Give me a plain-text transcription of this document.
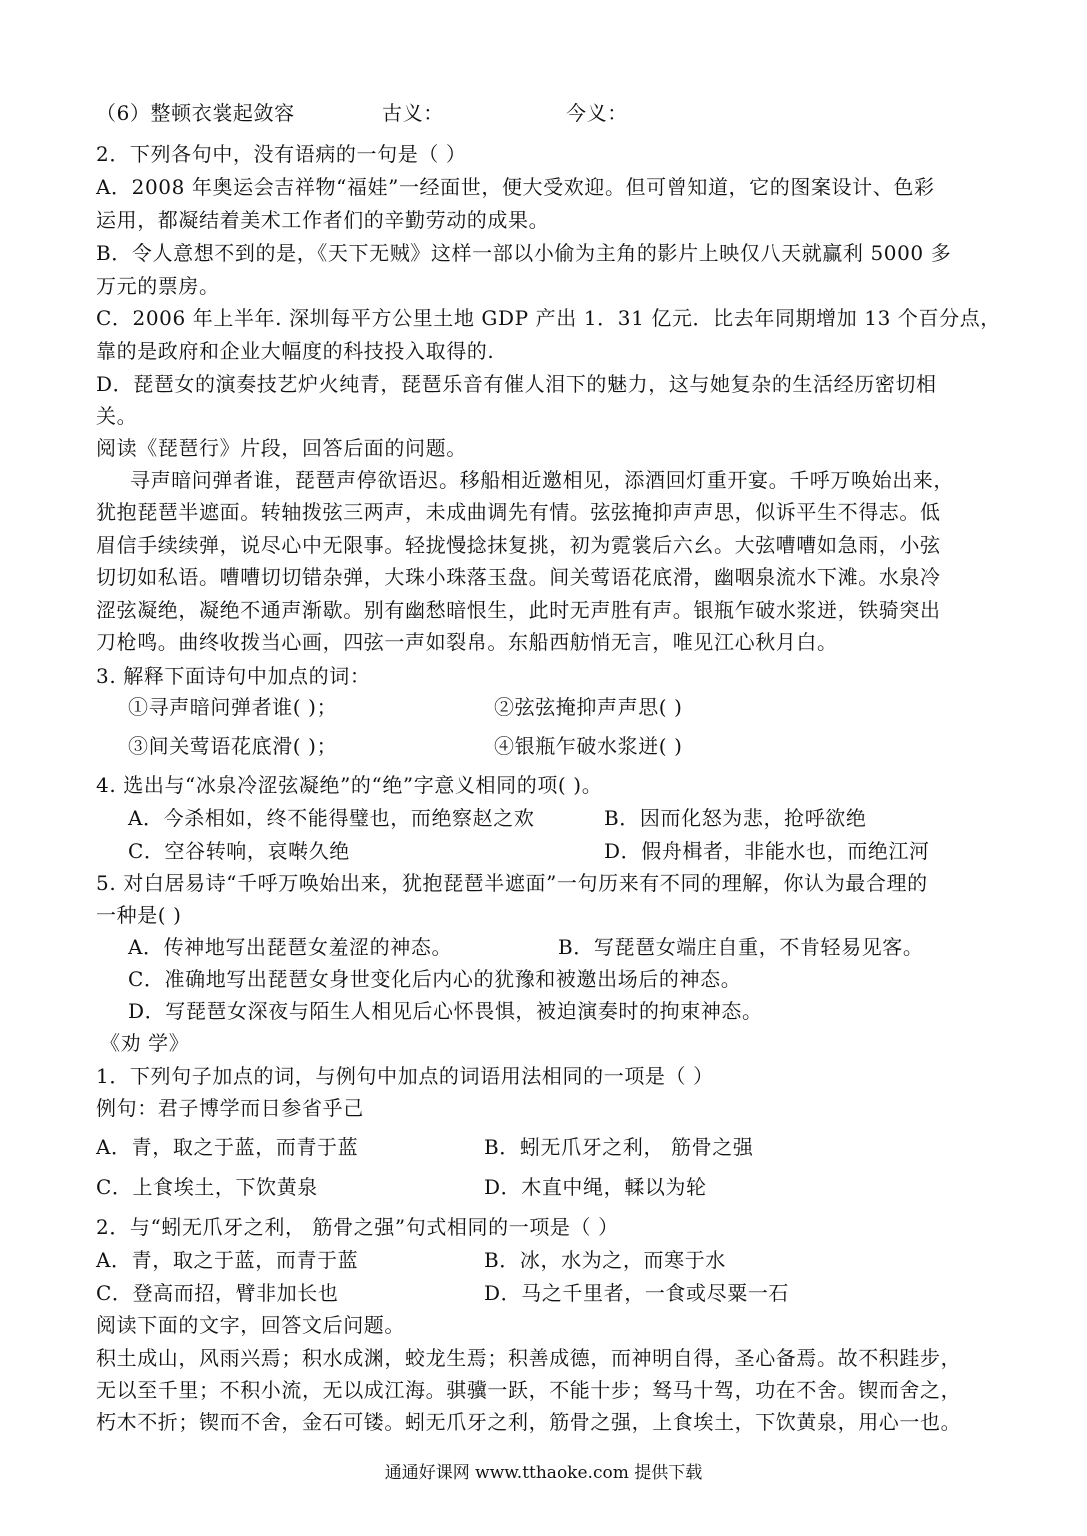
（6）整顿衣裳起敛容	古义：	今义：
2．下列各句中，没有语病的一句是（ ）
A．2008 年奥运会吉祥物“福娃”一经面世，便大受欢迎。但可曾知道，它的图案设计、色彩
运用，都凝结着美术工作者们的辛勤劳动的成果。
B．令人意想不到的是，《天下无贼》这样一部以小偷为主角的影片上映仅八天就赢利 5000 多
万元的票房。
C．2006 年上半年. 深圳每平方公里土地 GDP 产出 1．31 亿元．比去年同期增加 13 个百分点，
靠的是政府和企业大幅度的科技投入取得的.
D．琵琶女的演奏技艺炉火纯青，琵琶乐音有催人泪下的魅力，这与她复杂的生活经历密切相
关。
阅读《琵琶行》片段，回答后面的问题。
寻声暗问弹者谁，琵琶声停欲语迟。移船相近邀相见，添酒回灯重开宴。千呼万唤始出来，
犹抱琵琶半遮面。转轴拨弦三两声，未成曲调先有情。弦弦掩抑声声思，似诉平生不得志。低
眉信手续续弹，说尽心中无限事。轻拢慢捻抹复挑，初为霓裳后六幺。大弦嘈嘈如急雨，小弦
切切如私语。嘈嘈切切错杂弹，大珠小珠落玉盘。间关莺语花底滑，幽咽泉流水下滩。水泉冷
涩弦凝绝，凝绝不通声渐歇。别有幽愁暗恨生，此时无声胜有声。银瓶乍破水浆迸，铁骑突出
刀枪鸣。曲终收拨当心画，四弦一声如裂帛。东船西舫悄无言，唯见江心秋月白。
3. 解释下面诗句中加点的词：
①寻声暗问弹者谁( )；	②弦弦掩抑声声思( )
③间关莺语花底滑( )；	④银瓶乍破水浆迸( )
4. 选出与“冰泉冷涩弦凝绝”的“绝”字意义相同的项( )。
A．今杀相如，终不能得璧也，而绝察赵之欢	B．因而化怒为悲，抢呼欲绝
C．空谷转响，哀啭久绝	D．假舟楫者，非能水也，而绝江河
5. 对白居易诗“千呼万唤始出来，犹抱琵琶半遮面”一句历来有不同的理解，你认为最合理的
一种是( )
A．传神地写出琵琶女羞涩的神态。	B．写琵琶女端庄自重，不肯轻易见客。
C．准确地写出琵琶女身世变化后内心的犹豫和被邀出场后的神态。
D．写琵琶女深夜与陌生人相见后心怀畏惧，被迫演奏时的拘束神态。
《劝 学》
1．下列句子加点的词，与例句中加点的词语用法相同的一项是（ ）
例句：君子博学而日参省乎己
A．青，取之于蓝，而青于蓝	B．蚓无爪牙之利， 筋骨之强
C．上食埃土，下饮黄泉	D．木直中绳，輮以为轮
2．与“蚓无爪牙之利， 筋骨之强”句式相同的一项是（ ）
A．青，取之于蓝，而青于蓝	B．冰，水为之，而寒于水
C．登高而招，臂非加长也	D．马之千里者，一食或尽粟一石
阅读下面的文字，回答文后问题。
积土成山，风雨兴焉；积水成渊，蛟龙生焉；积善成德，而神明自得，圣心备焉。故不积跬步，
无以至千里；不积小流，无以成江海。骐骥一跃，不能十步；驽马十驾，功在不舍。锲而舍之，
朽木不折；锲而不舍，金石可镂。蚓无爪牙之利，筋骨之强，上食埃土，下饮黄泉，用心一也。
通通好课网 www.tthaoke.com 提供下载
